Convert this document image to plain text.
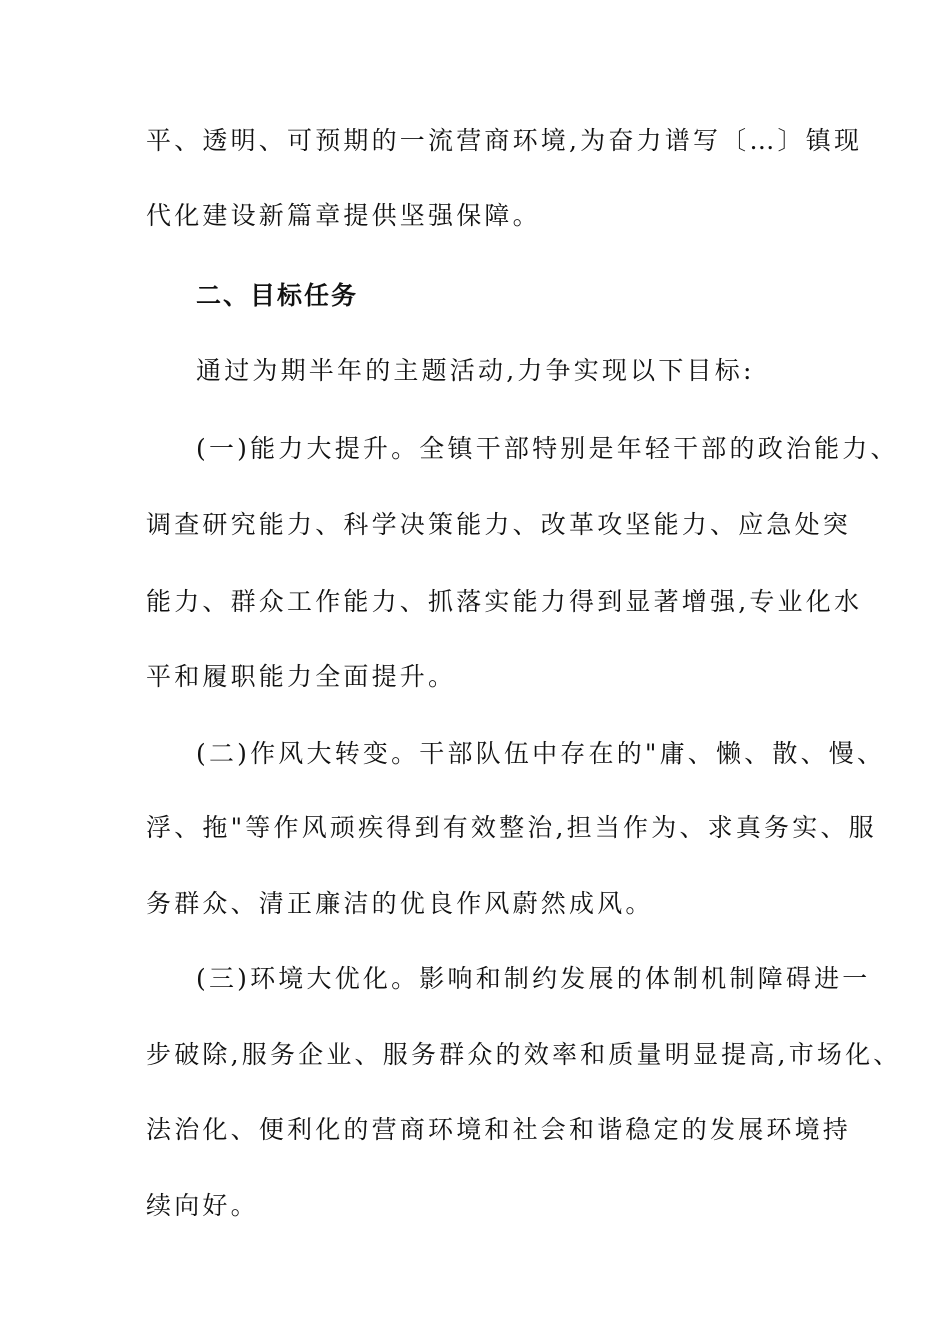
平、透明、可预期的一流营商环境,为奋力谱写〔…〕镇现
代化建设新篇章提供坚强保障。
二、目标任务
通过为期半年的主题活动,力争实现以下目标:
(一)能力大提升。全镇干部特别是年轻干部的政治能力、
调查研究能力、科学决策能力、改革攻坚能力、应急处突
能力、群众工作能力、抓落实能力得到显著增强,专业化水
平和履职能力全面提升。
(二)作风大转变。干部队伍中存在的"庸、懒、散、慢、
浮、拖"等作风顽疾得到有效整治,担当作为、求真务实、服
务群众、清正廉洁的优良作风蔚然成风。
(三)环境大优化。影响和制约发展的体制机制障碍进一
步破除,服务企业、服务群众的效率和质量明显提高,市场化、
法治化、便利化的营商环境和社会和谐稳定的发展环境持
续向好。
